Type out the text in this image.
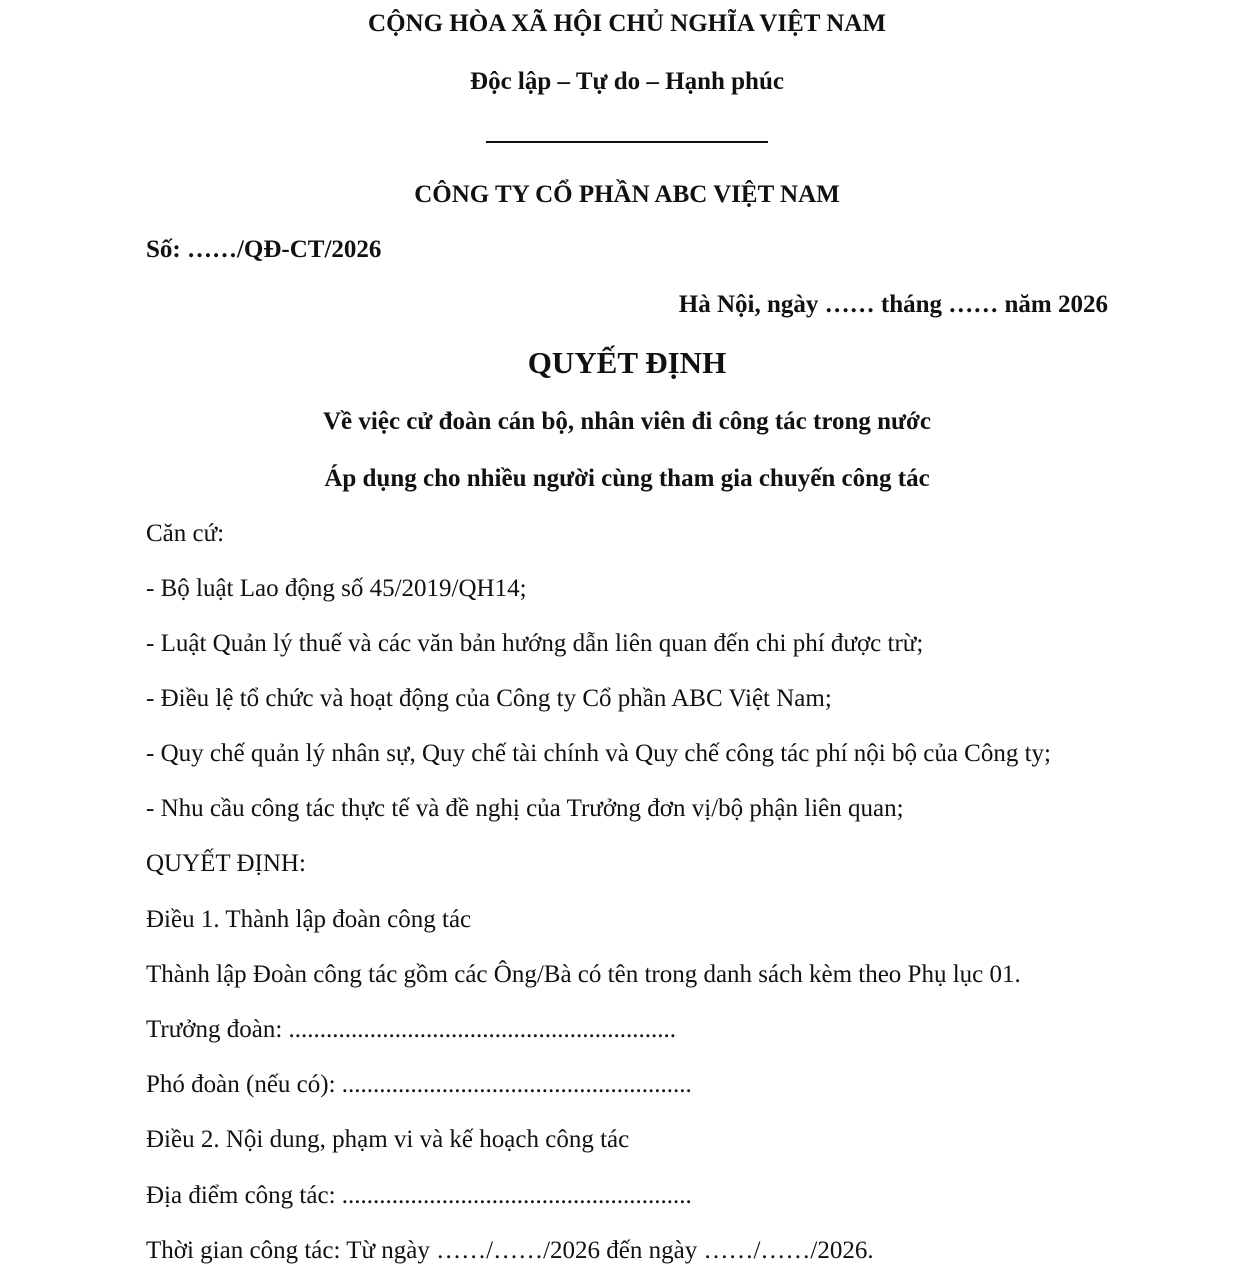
CỘNG HÒA XÃ HỘI CHỦ NGHĨA VIỆT NAM
Độc lập – Tự do – Hạnh phúc
CÔNG TY CỔ PHẦN ABC VIỆT NAM
Số: ……/QĐ-CT/2026
Hà Nội, ngày …… tháng …… năm 2026
QUYẾT ĐỊNH
Về việc cử đoàn cán bộ, nhân viên đi công tác trong nước
Áp dụng cho nhiều người cùng tham gia chuyến công tác
Căn cứ:
- Bộ luật Lao động số 45/2019/QH14;
- Luật Quản lý thuế và các văn bản hướng dẫn liên quan đến chi phí được trừ;
- Điều lệ tổ chức và hoạt động của Công ty Cổ phần ABC Việt Nam;
- Quy chế quản lý nhân sự, Quy chế tài chính và Quy chế công tác phí nội bộ của Công ty;
- Nhu cầu công tác thực tế và đề nghị của Trưởng đơn vị/bộ phận liên quan;
QUYẾT ĐỊNH:
Điều 1. Thành lập đoàn công tác
Thành lập Đoàn công tác gồm các Ông/Bà có tên trong danh sách kèm theo Phụ lục 01.
Trưởng đoàn: ..............................................................
Phó đoàn (nếu có): ........................................................
Điều 2. Nội dung, phạm vi và kế hoạch công tác
Địa điểm công tác: ........................................................
Thời gian công tác: Từ ngày ……/……/2026 đến ngày ……/……/2026.
